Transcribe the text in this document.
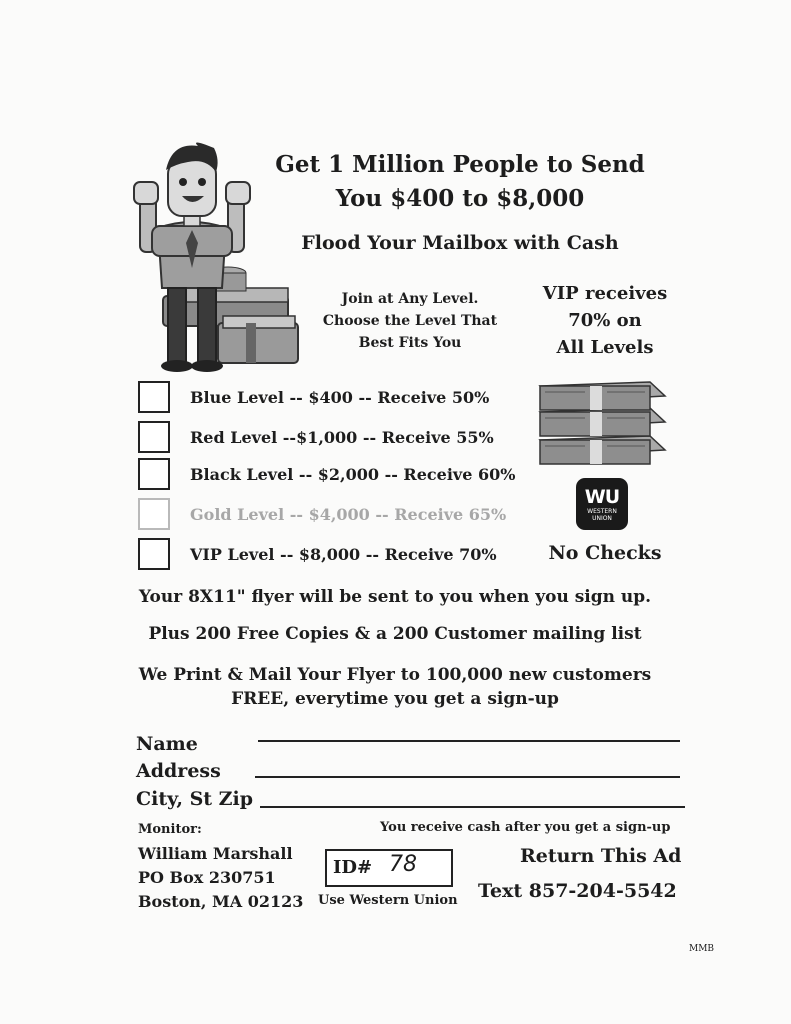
Get 1 Million People to Send
You $400 to $8,000
Flood Your Mailbox with Cash
Join at Any Level.
Choose the Level That
Best Fits You
VIP receives
70% on
All Levels
Blue Level -- $400 -- Receive 50%
Red Level --$1,000 -- Receive 55%
Black Level -- $2,000 -- Receive 60%
Gold Level -- $4,000 -- Receive 65%
VIP Level -- $8,000 -- Receive 70%
WU
WESTERN
UNION
No Checks
Your 8X11" flyer will be sent to you when you sign up.
Plus 200 Free Copies & a 200 Customer mailing list
We Print & Mail Your Flyer to 100,000 new customers
FREE, everytime you get a sign-up
Name
Address
City, St Zip
Monitor:
William Marshall
PO Box 230751
Boston, MA 02123
ID# 78
Use Western Union
You receive cash after you get a sign-up
Return This Ad
Text 857-204-5542
MMB
